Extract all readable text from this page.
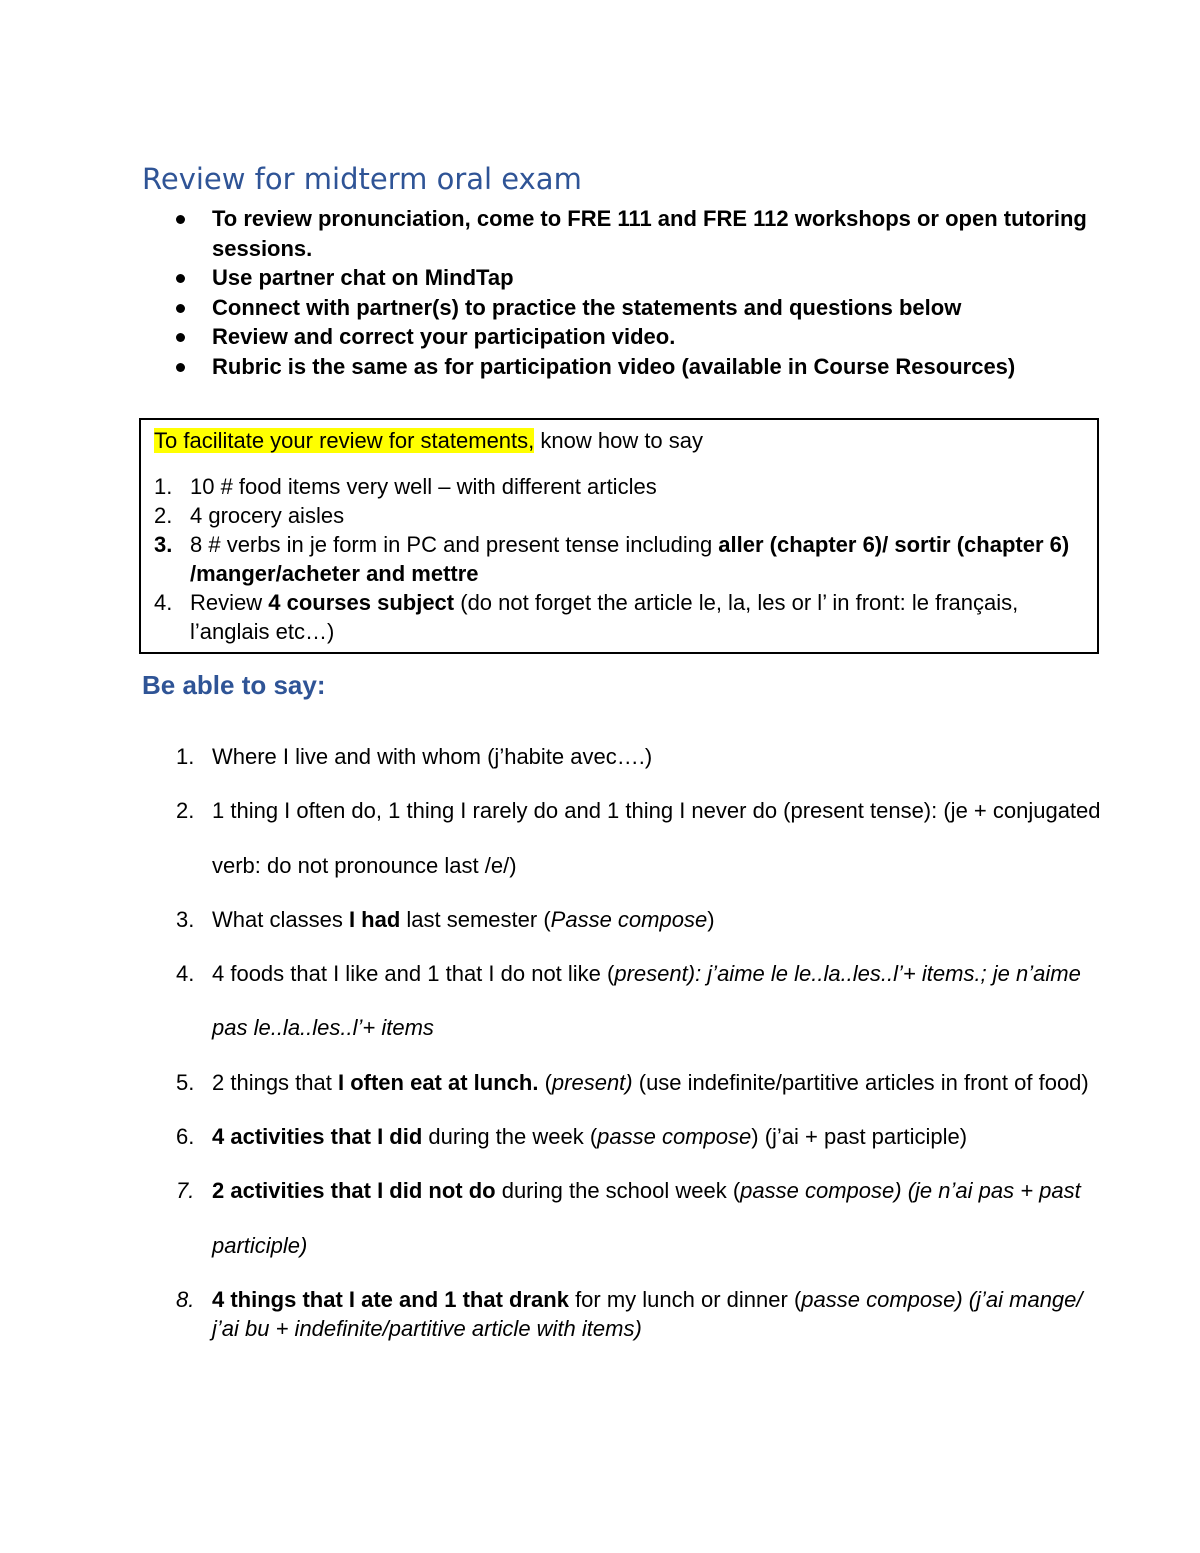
Review for midterm oral exam
To review pronunciation, come to FRE 111 and FRE 112 workshops or open tutoring sessions.
Use partner chat on MindTap
Connect with partner(s) to practice the statements and questions below
Review and correct your participation video.
Rubric is the same as for participation video (available in Course Resources)
To facilitate your review for statements, know how to say
1. 10 # food items very well – with different articles
2. 4 grocery aisles
3. 8 # verbs in je form in PC and present tense including aller (chapter 6)/ sortir (chapter 6) /manger/acheter and mettre
4. Review 4 courses subject (do not forget the article le, la, les or l’ in front: le français, l’anglais etc…)
Be able to say:
1. Where I live and with whom (j’habite avec….)
2. 1 thing I often do, 1 thing I rarely do and 1 thing I never do (present tense): (je + conjugated verb: do not pronounce last /e/)
3. What classes I had last semester (Passe compose)
4. 4 foods that I like and 1 that I do not like (present): j’aime le le..la..les..l’+ items.; je n’aime pas le..la..les..l’+ items
5. 2 things that I often eat at lunch. (present) (use indefinite/partitive articles in front of food)
6. 4 activities that I did during the week (passe compose) (j’ai + past participle)
7. 2 activities that I did not do during the school week (passe compose) (je n’ai pas + past participle)
8. 4 things that I ate and 1 that drank for my lunch or dinner (passe compose) (j’ai mange/ j’ai bu + indefinite/partitive article with items)
